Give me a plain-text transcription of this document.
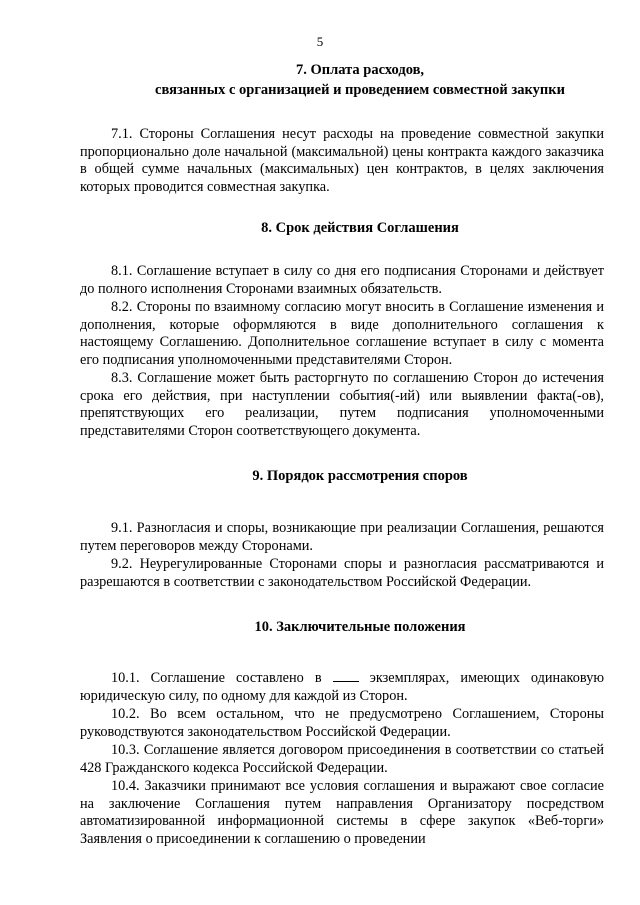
5
7. Оплата расходов,
связанных с организацией и проведением совместной закупки
7.1. Стороны Соглашения несут расходы на проведение совместной закупки пропорционально доле начальной (максимальной) цены контракта каждого заказчика в общей сумме начальных (максимальных) цен контрактов, в целях заключения которых проводится совместная закупка.
8. Срок действия Соглашения
8.1. Соглашение вступает в силу со дня его подписания Сторонами и действует до полного исполнения Сторонами взаимных обязательств.
8.2. Стороны по взаимному согласию могут вносить в Соглашение изменения и дополнения, которые оформляются в виде дополнительного соглашения к настоящему Соглашению. Дополнительное соглашение вступает в силу с момента его подписания уполномоченными представителями Сторон.
8.3. Соглашение может быть расторгнуто по соглашению Сторон до истечения срока его действия, при наступлении события(-ий) или выявлении факта(-ов), препятствующих его реализации, путем подписания уполномоченными представителями Сторон соответствующего документа.
9. Порядок рассмотрения споров
9.1. Разногласия и споры, возникающие при реализации Соглашения, решаются путем переговоров между Сторонами.
9.2. Неурегулированные Сторонами споры и разногласия рассматриваются и разрешаются в соответствии с законодательством Российской Федерации.
10. Заключительные положения
10.1. Соглашение составлено в	экземплярах, имеющих одинаковую юридическую силу, по одному для каждой из Сторон.
10.2. Во всем остальном, что не предусмотрено Соглашением, Стороны руководствуются законодательством Российской Федерации.
10.3. Соглашение является договором присоединения в соответствии со статьей 428 Гражданского кодекса Российской Федерации.
10.4. Заказчики принимают все условия соглашения и выражают свое согласие на заключение Соглашения путем направления Организатору посредством автоматизированной информационной системы в сфере закупок «Веб-торги» Заявления о присоединении к соглашению о проведении
